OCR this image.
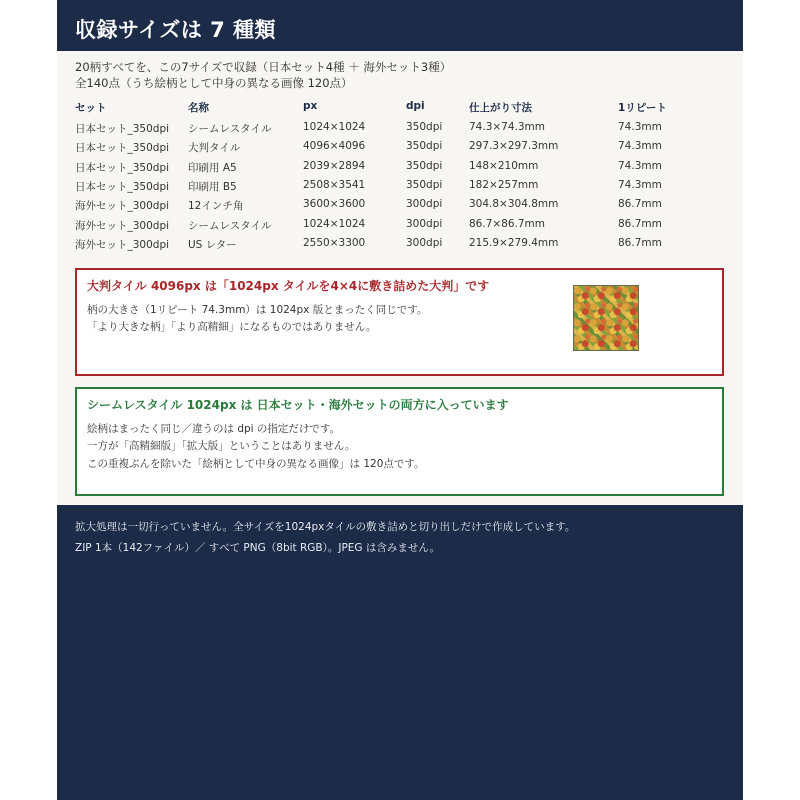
収録サイズは 7 種類
20柄すべてを、この7サイズで収録（日本セット4種 ＋ 海外セット3種）
全140点（うち絵柄として中身の異なる画像 120点）
セット	名称	px	dpi	仕上がり寸法	1リピート
日本セット_350dpi シームレスタイル	1024×1024	350dpi	74.3×74.3mm	74.3mm
日本セット_350dpi 大判タイル	4096×4096	350dpi	297.3×297.3mm	74.3mm
日本セット_350dpi 印刷用 A5	2039×2894	350dpi	148×210mm	74.3mm
日本セット_350dpi 印刷用 B5	2508×3541	350dpi	182×257mm	74.3mm
海外セット_300dpi 12インチ角	3600×3600	300dpi	304.8×304.8mm	86.7mm
海外セット_300dpi シームレスタイル	1024×1024	300dpi	86.7×86.7mm	86.7mm
海外セット_300dpi US レター	2550×3300	300dpi	215.9×279.4mm	86.7mm
大判タイル 4096px は「1024px タイルを4×4に敷き詰めた大判」です
柄の大きさ（1リピート 74.3mm）は 1024px 版とまったく同じです。
「より大きな柄」「より高精細」になるものではありません。
シームレスタイル 1024px は 日本セット・海外セットの両方に入っています
絵柄はまったく同じ／違うのは dpi の指定だけです。
一方が「高精細版」「拡大版」ということはありません。
この重複ぶんを除いた「絵柄として中身の異なる画像」は 120点です。
拡大処理は一切行っていません。全サイズを1024pxタイルの敷き詰めと切り出しだけで作成しています。
ZIP 1本（142ファイル）／ すべて PNG（8bit RGB）。JPEG は含みません。
